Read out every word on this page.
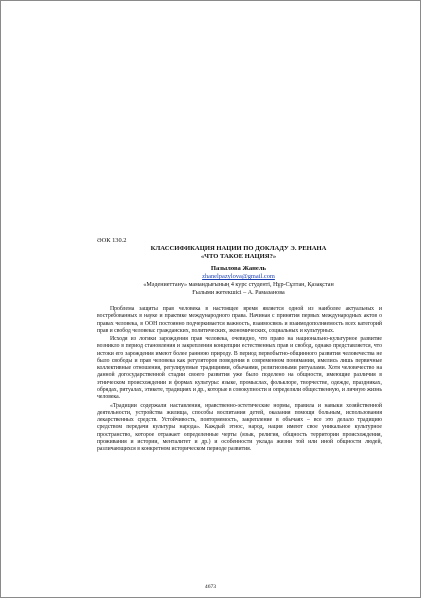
ӘОК 130.2
КЛАССИФИКАЦИЯ НАЦИИ ПО ДОКЛАДУ Э. РЕНАНА
«ЧТО ТАКОЕ НАЦИЯ?»
Пазылова Жанель
zhanelpazylova@gmail.com
«Мәдениеттану» мамандығының 4 курс студенті, Нұр-Сұлтан, Қазақстан
Ғылыми жетекшісі – А. Рамазанова

Проблема защиты прав человека в настоящее время является одной из наиболее актуальных и востребованных в науке и практике международного права. Начиная с принятия первых международных актов о правах человека, в ООН постоянно подчеркивается важность, взаимосвязь и взаимодополняемость всех категорий прав и свобод человека: гражданских, политических, экономических, социальных и культурных.

Исходя из логики зарождения прав человека, очевидно, что право на национально-культурное развитие возникло в период становления и закрепления концепции естественных прав и свобод, однако представляется, что истоки его зарождения имеют более раннюю природу. В период первобытно-общинного развития человечества не было свободы и прав человека как регуляторов поведения в современном понимании, имелись лишь первичные коллективные отношения, регулируемые традициями, обычаями, религиозными ритуалами. Хотя человечество на данной догосударственной стадии своего развития уже было поделено на общности, имеющие различия в этническом происхождении и формах культуры: языке, промыслах, фольклоре, творчестве, одежде, праздниках, обрядах, ритуалах, этикете, традициях и др., которые в совокупности и определяли общественную, и личную жизнь человека.

«Традиции содержали наставления, нравственно-эстетические нормы, правила и навыки хозяйственной деятельности, устройства жилища, способы воспитания детей, оказания помощи больным, использования лекарственных средств. Устойчивость, повторяемость, закрепление в обычаях – все это делало традицию средством передачи культуры народа». Каждый этнос, народ, нация имеют свое уникальное культурное пространство, которое отражает определенные черты (язык, религия, общность территории происхождения, проживания и истории, менталитет и др.) и особенности уклада жизни той или иной общности людей, различающихся в конкретном историческом периоде развития.

4673
